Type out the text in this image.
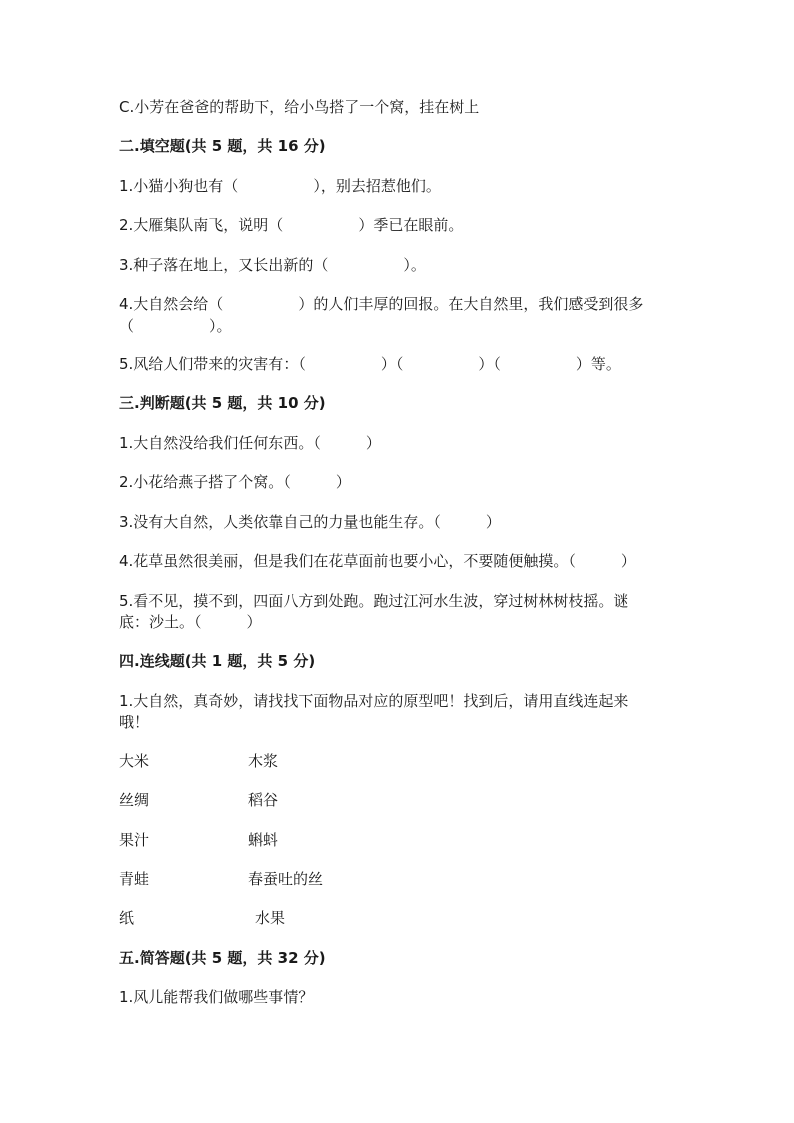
C.小芳在爸爸的帮助下，给小鸟搭了一个窝，挂在树上
二.填空题(共 5 题，共 16 分)
1.小猫小狗也有（　　　　　），别去招惹他们。
2.大雁集队南飞，说明（　　　　　）季已在眼前。
3.种子落在地上，又长出新的（　　　　　）。
4.大自然会给（　　　　　）的人们丰厚的回报。在大自然里，我们感受到很多
（　　　　　）。
5.风给人们带来的灾害有：（　　　　　）（　　　　　）（　　　　　）等。
三.判断题(共 5 题，共 10 分)
1.大自然没给我们任何东西。（　　　）
2.小花给燕子搭了个窝。（　　　）
3.没有大自然，人类依靠自己的力量也能生存。（　　　）
4.花草虽然很美丽，但是我们在花草面前也要小心，不要随便触摸。（　　　）
5.看不见，摸不到，四面八方到处跑。跑过江河水生波，穿过树林树枝摇。谜
底：沙土。（　　　）
四.连线题(共 1 题，共 5 分)
1.大自然，真奇妙，请找找下面物品对应的原型吧！找到后，请用直线连起来
哦！
大米	木浆
丝绸	稻谷
果汁	蝌蚪
青蛙	春蚕吐的丝
纸	水果
五.简答题(共 5 题，共 32 分)
1.风儿能帮我们做哪些事情？
